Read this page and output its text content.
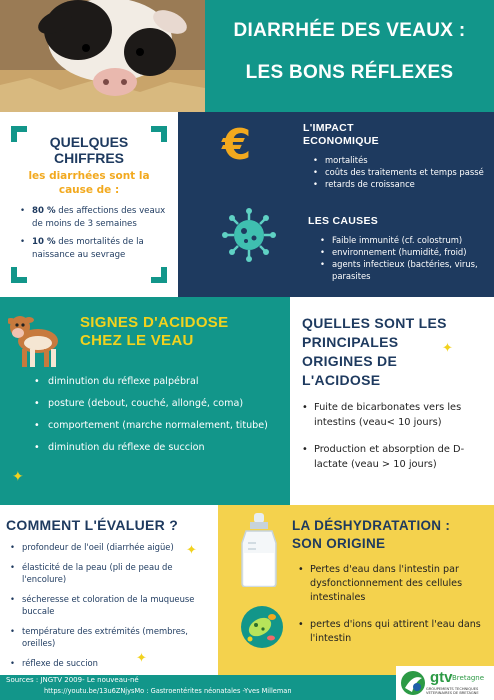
DIARRHÉE DES VEAUX :
LES BONS RÉFLEXES
QUELQUES
CHIFFRES
les diarrhées sont la cause de :
• 80 % des affections des veaux de moins de 3 semaines
• 10 % des mortalités de la naissance au sevrage
€	L'IMPACT
ECONOMIQUE
• mortalités
• coûts des traitements et temps passé
• retards de croissance
LES CAUSES
• Faible immunité (cf. colostrum)
• environnement (humidité, froid)
• agents infectieux (bactéries, virus, parasites
SIGNES D'ACIDOSE
CHEZ LE VEAU
• diminution du réflexe palpébral
• posture (debout, couché, allongé, coma)
• comportement (marche normalement, titube)
• diminution du réflexe de succion
✦
QUELLES SONT LES
PRINCIPALES
ORIGINES DE
L'ACIDOSE
✦
• Fuite de bicarbonates vers les intestins (veau< 10 jours)
• Production et absorption de D-lactate (veau > 10 jours)
COMMENT L'ÉVALUER ?
• profondeur de l'oeil (diarrhée aigüe)
• élasticité de la peau (pli de peau de l'encolure)
• sécheresse et coloration de la muqueuse buccale
• température des extrémités (membres, oreilles)
• réflexe de succion
✦
✦
LA DÉSHYDRATATION :
SON ORIGINE
• Pertes d'eau dans l'intestin par dysfonctionnement des cellules intestinales
• pertes d'ions qui attirent l'eau dans l'intestin
Sources : JNGTV 2009- Le nouveau-né
https://youtu.be/13u6ZNjysMo : Gastroentérites néonatales -Yves Milleman
gtv Bretagne
GROUPEMENTS TECHNIQUES VETERINAIRES DE BRETAGNE
